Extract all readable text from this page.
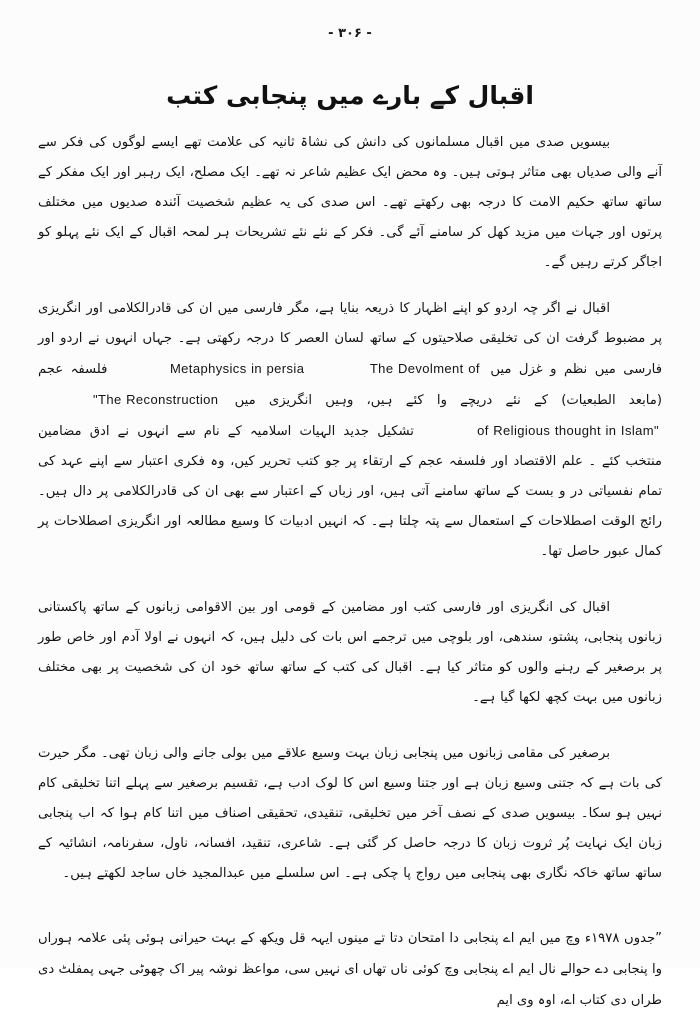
- ۳۰۶ -
اقبال کے بارے میں پنجابی کتب

بیسویں صدی میں اقبال مسلمانوں کی دانش کی نشاۃ ثانیہ کی علامت تھے ایسے لوگوں کی فکر سے آنے والی صدیاں بھی متاثر ہوتی ہیں۔ وہ محض ایک عظیم شاعر نہ تھے۔ ایک مصلح، ایک رہبر اور ایک مفکر کے ساتھ ساتھ حکیم الامت کا درجہ بھی رکھتے تھے۔ اس صدی کی یہ عظیم شخصیت آئندہ صدیوں میں مختلف پرتوں اور جہات میں مزید کھل کر سامنے آئے گی۔ فکر کے نئے نئے تشریحات ہر لمحہ اقبال کے ایک نئے پہلو کو اجاگر کرتے رہیں گے۔

اقبال نے اگر چہ اردو کو اپنے اظہار کا ذریعہ بنایا ہے، مگر فارسی میں ان کی قادرالکلامی اور انگریزی پر مضبوط گرفت ان کی تخلیقی صلاحیتوں کے ساتھ لسان العصر کا درجہ رکھتی ہے۔ جہاں انہوں نے اردو اور فارسی میں نظم و غزل میں The Devolment of Metaphysics in persia فلسفہ عجم (مابعد الطبعیات) کے نئے دریچے وا کئے ہیں، وہیں انگریزی میں "The Reconstruction of Religious thought in Islam" تشکیل جدید الہیات اسلامیہ کے نام سے انہوں نے ادق مضامین منتخب کئے ۔ علم الاقتصاد اور فلسفہ عجم کے ارتقاء پر جو کتب تحریر کیں، وہ فکری اعتبار سے اپنے عہد کی تمام نفسیاتی در و بست کے ساتھ سامنے آتی ہیں، اور زباں کے اعتبار سے بھی ان کی قادرالکلامی پر دال ہیں۔ رائج الوقت اصطلاحات کے استعمال سے پتہ چلتا ہے۔ کہ انہیں ادبیات کا وسیع مطالعہ اور انگریزی اصطلاحات پر کمال عبور حاصل تھا۔

اقبال کی انگریزی اور فارسی کتب اور مضامین کے قومی اور بین الاقوامی زبانوں کے ساتھ پاکستانی زبانوں پنجابی، پشتو، سندھی، اور بلوچی میں ترجمے اس بات کی دلیل ہیں، کہ انہوں نے اولا آدم اور خاص طور پر برصغیر کے رہنے والوں کو متاثر کیا ہے۔ اقبال کی کتب کے ساتھ ساتھ خود ان کی شخصیت پر بھی مختلف زبانوں میں بہت کچھ لکھا گیا ہے۔

برصغیر کی مقامی زبانوں میں پنجابی زبان بہت وسیع علاقے میں بولی جانے والی زبان تھی۔ مگر حیرت کی بات ہے کہ جتنی وسیع زبان ہے اور جتنا وسیع اس کا لوک ادب ہے، تقسیم برصغیر سے پہلے اتنا تخلیقی کام نہیں ہو سکا۔ بیسویں صدی کے نصف آخر میں تخلیقی، تنقیدی، تحقیقی اصناف میں اتنا کام ہوا کہ اب پنجابی زبان ایک نہایت پُر ثروت زبان کا درجہ حاصل کر گئی ہے۔ شاعری، تنقید، افسانہ، ناول، سفرنامہ، انشائیہ کے ساتھ ساتھ خاکہ نگاری بھی پنجابی میں رواج پا چکی ہے۔ اس سلسلے میں عبدالمجید خاں ساجد لکھتے ہیں۔

”جدوں ۱۹۷۸ء وچ میں ایم اے پنجابی دا امتحان دتا تے مینوں ایہہ قل ویکھ کے بہت حیرانی ہوئی پئی علامہ ہوراں وا پنجابی دے حوالے نال ایم اے پنجابی وچ کوئی ناں تھاں ای نہیں سی، مواعظ نوشہ پیر اک چھوٹی جہی پمفلٹ دی طراں دی کتاب اے، اوہ وی ایم
